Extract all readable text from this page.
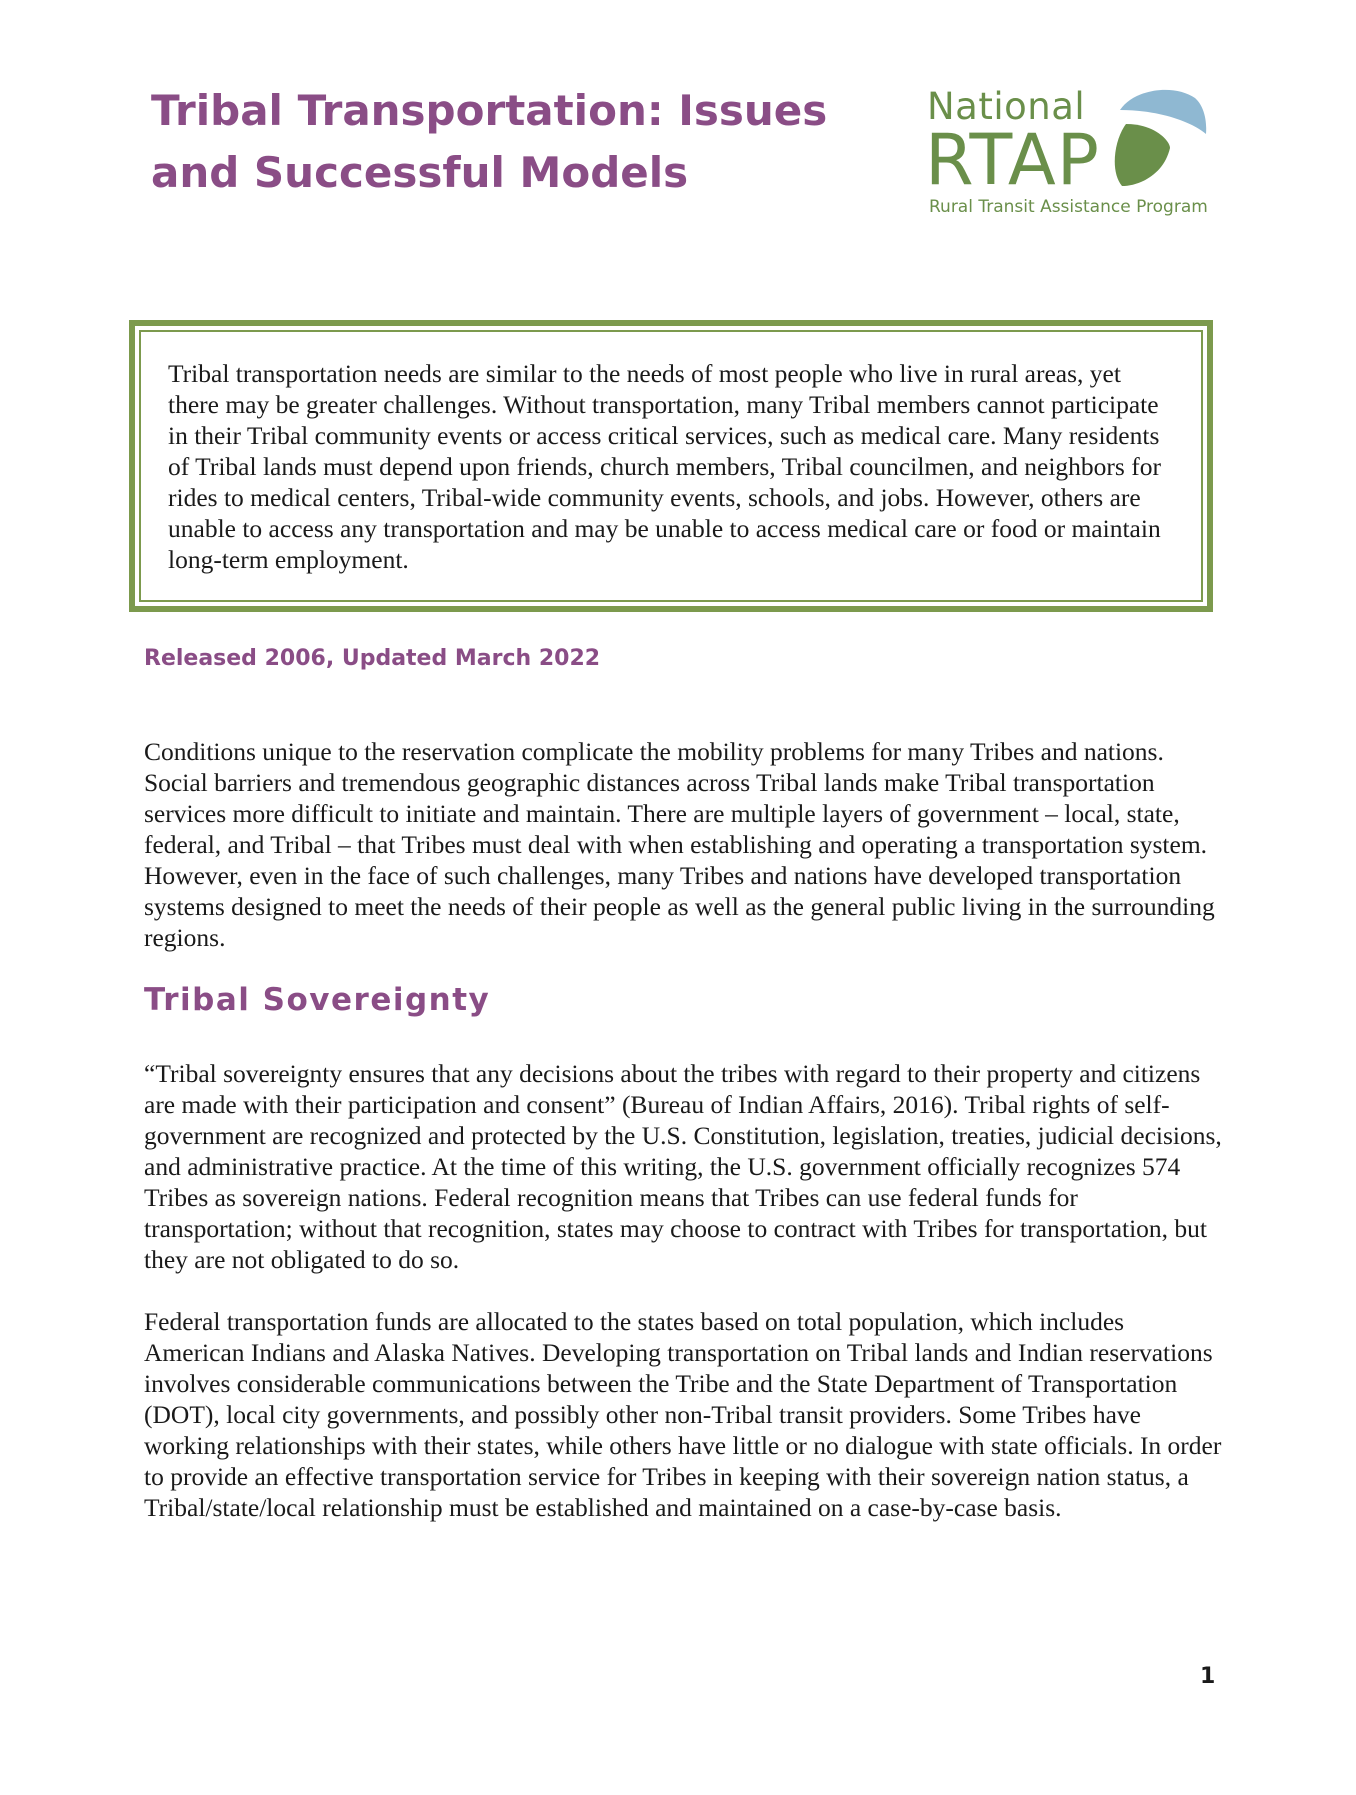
Tribal Transportation: Issues
and Successful Models
National
RTAP
Rural Transit Assistance Program

Tribal transportation needs are similar to the needs of most people who live in rural areas, yet there may be greater challenges. Without transportation, many Tribal members cannot participate in their Tribal community events or access critical services, such as medical care. Many residents of Tribal lands must depend upon friends, church members, Tribal councilmen, and neighbors for rides to medical centers, Tribal-wide community events, schools, and jobs. However, others are unable to access any transportation and may be unable to access medical care or food or maintain long-term employment.

Released 2006, Updated March 2022

Conditions unique to the reservation complicate the mobility problems for many Tribes and nations. Social barriers and tremendous geographic distances across Tribal lands make Tribal transportation services more difficult to initiate and maintain. There are multiple layers of government – local, state, federal, and Tribal – that Tribes must deal with when establishing and operating a transportation system. However, even in the face of such challenges, many Tribes and nations have developed transportation systems designed to meet the needs of their people as well as the general public living in the surrounding regions.

Tribal Sovereignty

“Tribal sovereignty ensures that any decisions about the tribes with regard to their property and citizens are made with their participation and consent” (Bureau of Indian Affairs, 2016). Tribal rights of self-government are recognized and protected by the U.S. Constitution, legislation, treaties, judicial decisions, and administrative practice. At the time of this writing, the U.S. government officially recognizes 574 Tribes as sovereign nations. Federal recognition means that Tribes can use federal funds for transportation; without that recognition, states may choose to contract with Tribes for transportation, but they are not obligated to do so.

Federal transportation funds are allocated to the states based on total population, which includes American Indians and Alaska Natives. Developing transportation on Tribal lands and Indian reservations involves considerable communications between the Tribe and the State Department of Transportation (DOT), local city governments, and possibly other non-Tribal transit providers. Some Tribes have working relationships with their states, while others have little or no dialogue with state officials. In order to provide an effective transportation service for Tribes in keeping with their sovereign nation status, a Tribal/state/local relationship must be established and maintained on a case-by-case basis.

1
